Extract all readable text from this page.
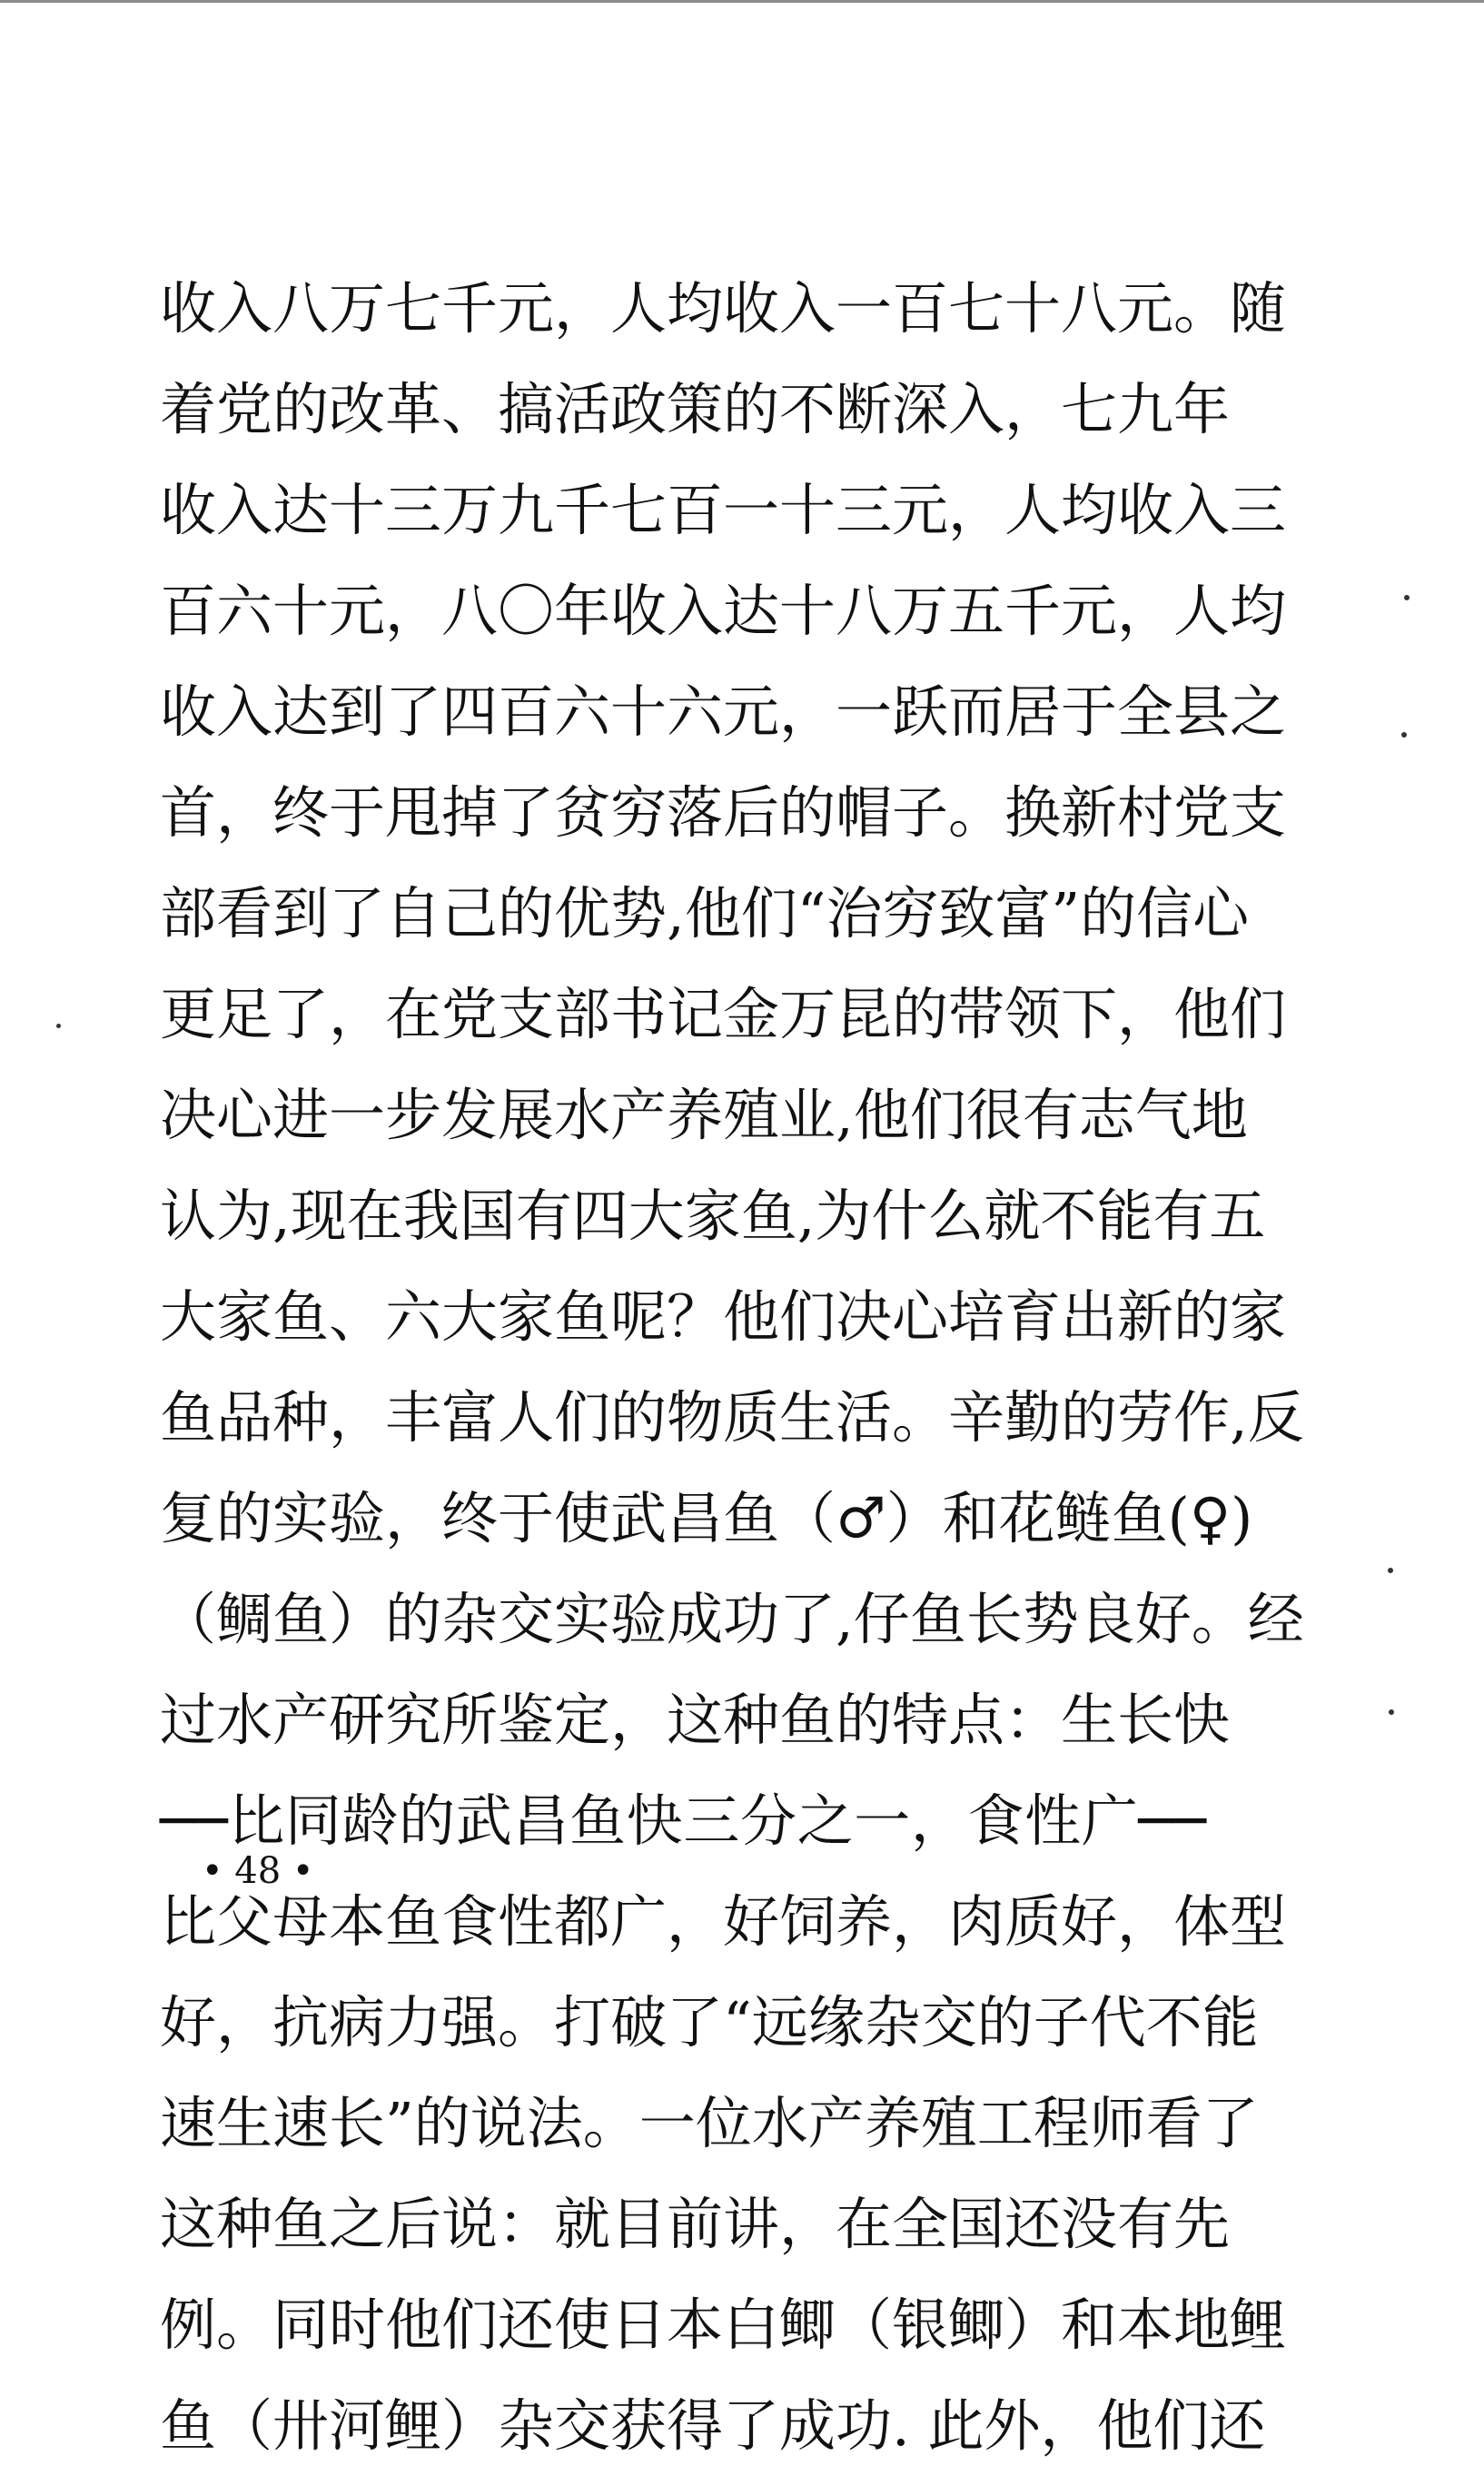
收入八万七千元，人均收入一百七十八元。随
着党的改革、搞活政策的不断深入，七九年
收入达十三万九千七百一十三元，人均收入三
百六十元，八〇年收入达十八万五千元，人均
收入达到了四百六十六元，一跃而居于全县之
首，终于甩掉了贫穷落后的帽子。换新村党支
部看到了自己的优势,他们“治穷致富”的信心
更足了，在党支部书记金万昆的带领下，他们
决心进一步发展水产养殖业,他们很有志气地
认为,现在我国有四大家鱼,为什么就不能有五
大家鱼、六大家鱼呢？他们决心培育出新的家
鱼品种，丰富人们的物质生活。辛勤的劳作,反
复的实验，终于使武昌鱼（♂）和花鲢鱼(♀)
（鲷鱼）的杂交实验成功了,仔鱼长势良好。经
过水产研究所鉴定，这种鱼的特点：生长快
──比同龄的武昌鱼快三分之一，食性广──
比父母本鱼食性都广，好饲养，肉质好，体型
好，抗病力强。打破了“远缘杂交的子代不能
速生速长”的说法。一位水产养殖工程师看了
这种鱼之后说：就目前讲，在全国还没有先
例。同时他们还使日本白鲫（银鲫）和本地鲤
鱼（卅河鲤）杂交获得了成功. 此外，他们还
• 48 •
